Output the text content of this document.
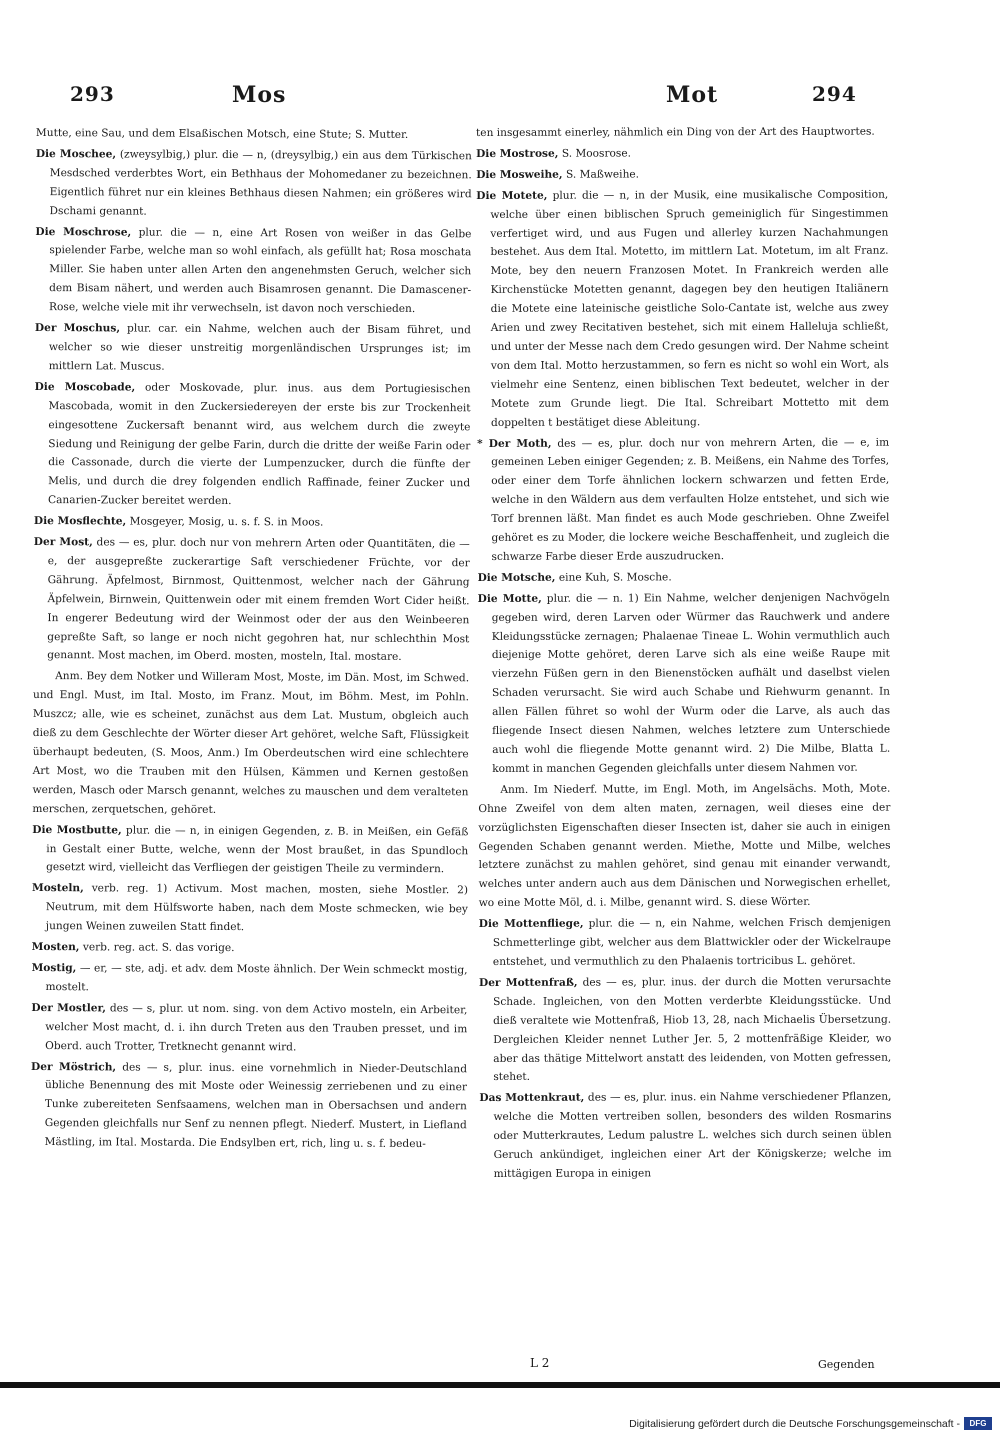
293	Mos	Mot	294

Mutte, eine Sau, und dem Elsaßischen Motsch, eine Stute; S. Mutter.

Die Moschee, (zweysylbig,) plur. die — n, (dreysylbig,) ein aus dem Türkischen Mesdsched verderbtes Wort, ein Bethhaus der Mohomedaner zu bezeichnen. Eigentlich führet nur ein kleines Bethhaus diesen Nahmen; ein größeres wird Dschami genannt.

Die Moschrose, plur. die — n, eine Art Rosen von weißer in das Gelbe spielender Farbe, welche man so wohl einfach, als gefüllt hat; Rosa moschata Miller. Sie haben unter allen Arten den angenehmsten Geruch, welcher sich dem Bisam nähert, und werden auch Bisamrosen genannt. Die Damascener-Rose, welche viele mit ihr verwechseln, ist davon noch verschieden.

Der Moschus, plur. car. ein Nahme, welchen auch der Bisam führet, und welcher so wie dieser unstreitig morgenländischen Ursprunges ist; im mittlern Lat. Muscus.

Die Moscobade, oder Moskovade, plur. inus. aus dem Portugiesischen Mascobada, womit in den Zuckersiedereyen der erste bis zur Trockenheit eingesottene Zuckersaft benannt wird, aus welchem durch die zweyte Siedung und Reinigung der gelbe Farin, durch die dritte der weiße Farin oder die Cassonade, durch die vierte der Lumpenzucker, durch die fünfte der Melis, und durch die drey folgenden endlich Raffinade, feiner Zucker und Canarien-Zucker bereitet werden.

Die Mosflechte, Mosgeyer, Mosig, u. s. f. S. in Moos.

Der Most, des — es, plur. doch nur von mehrern Arten oder Quantitäten, die — e, der ausgepreßte zuckerartige Saft verschiedener Früchte, vor der Gährung. Äpfelmost, Birnmost, Quittenmost, welcher nach der Gährung Äpfelwein, Birnwein, Quittenwein oder mit einem fremden Wort Cider heißt. In engerer Bedeutung wird der Weinmost oder der aus den Weinbeeren gepreßte Saft, so lange er noch nicht gegohren hat, nur schlechthin Most genannt. Most machen, im Oberd. mosten, mosteln, Ital. mostare.

Anm. Bey dem Notker und Willeram Most, Moste, im Dän. Most, im Schwed. und Engl. Must, im Ital. Mosto, im Franz. Mout, im Böhm. Mest, im Pohln. Muszcz; alle, wie es scheinet, zunächst aus dem Lat. Mustum, obgleich auch dieß zu dem Geschlechte der Wörter dieser Art gehöret, welche Saft, Flüssigkeit überhaupt bedeuten, (S. Moos, Anm.) Im Oberdeutschen wird eine schlechtere Art Most, wo die Trauben mit den Hülsen, Kämmen und Kernen gestoßen werden, Masch oder Marsch genannt, welches zu mauschen und dem veralteten merschen, zerquetschen, gehöret.

Die Mostbutte, plur. die — n, in einigen Gegenden, z. B. in Meißen, ein Gefäß in Gestalt einer Butte, welche, wenn der Most braußet, in das Spundloch gesetzt wird, vielleicht das Verfliegen der geistigen Theile zu vermindern.

Mosteln, verb. reg. 1) Activum. Most machen, mosten, siehe Mostler. 2) Neutrum, mit dem Hülfsworte haben, nach dem Moste schmecken, wie bey jungen Weinen zuweilen Statt findet.

Mosten, verb. reg. act. S. das vorige.

Mostig, — er, — ste, adj. et adv. dem Moste ähnlich. Der Wein schmeckt mostig, mostelt.

Der Mostler, des — s, plur. ut nom. sing. von dem Activo mosteln, ein Arbeiter, welcher Most macht, d. i. ihn durch Treten aus den Trauben presset, und im Oberd. auch Trotter, Tretknecht genannt wird.

Der Möstrich, des — s, plur. inus. eine vornehmlich in Nieder-Deutschland übliche Benennung des mit Moste oder Weinessig zerriebenen und zu einer Tunke zubereiteten Senfsaamens, welchen man in Obersachsen und andern Gegenden gleichfalls nur Senf zu nennen pflegt. Niederf. Mustert, in Liefland Mästling, im Ital. Mostarda. Die Endsylben ert, rich, ling u. s. f. bedeu-

ten insgesammt einerley, nähmlich ein Ding von der Art des Hauptwortes.

Die Mostrose, S. Moosrose.

Die Mosweihe, S. Maßweihe.

Die Motete, plur. die — n, in der Musik, eine musikalische Composition, welche über einen biblischen Spruch gemeiniglich für Singestimmen verfertiget wird, und aus Fugen und allerley kurzen Nachahmungen bestehet. Aus dem Ital. Motetto, im mittlern Lat. Motetum, im alt Franz. Mote, bey den neuern Franzosen Motet. In Frankreich werden alle Kirchenstücke Motetten genannt, dagegen bey den heutigen Italiänern die Motete eine lateinische geistliche Solo-Cantate ist, welche aus zwey Arien und zwey Recitativen bestehet, sich mit einem Halleluja schließt, und unter der Messe nach dem Credo gesungen wird. Der Nahme scheint von dem Ital. Motto herzustammen, so fern es nicht so wohl ein Wort, als vielmehr eine Sentenz, einen biblischen Text bedeutet, welcher in der Motete zum Grunde liegt. Die Ital. Schreibart Mottetto mit dem doppelten t bestätiget diese Ableitung.

* Der Moth, des — es, plur. doch nur von mehrern Arten, die — e, im gemeinen Leben einiger Gegenden; z. B. Meißens, ein Nahme des Torfes, oder einer dem Torfe ähnlichen lockern schwarzen und fetten Erde, welche in den Wäldern aus dem verfaulten Holze entstehet, und sich wie Torf brennen läßt. Man findet es auch Mode geschrieben. Ohne Zweifel gehöret es zu Moder, die lockere weiche Beschaffenheit, und zugleich die schwarze Farbe dieser Erde auszudrucken.

Die Motsche, eine Kuh, S. Mosche.

Die Motte, plur. die — n. 1) Ein Nahme, welcher denjenigen Nachvögeln gegeben wird, deren Larven oder Würmer das Rauchwerk und andere Kleidungsstücke zernagen; Phalaenae Tineae L. Wohin vermuthlich auch diejenige Motte gehöret, deren Larve sich als eine weiße Raupe mit vierzehn Füßen gern in den Bienenstöcken aufhält und daselbst vielen Schaden verursacht. Sie wird auch Schabe und Riehwurm genannt. In allen Fällen führet so wohl der Wurm oder die Larve, als auch das fliegende Insect diesen Nahmen, welches letztere zum Unterschiede auch wohl die fliegende Motte genannt wird. 2) Die Milbe, Blatta L. kommt in manchen Gegenden gleichfalls unter diesem Nahmen vor.

Anm. Im Niederf. Mutte, im Engl. Moth, im Angelsächs. Moth, Mote. Ohne Zweifel von dem alten maten, zernagen, weil dieses eine der vorzüglichsten Eigenschaften dieser Insecten ist, daher sie auch in einigen Gegenden Schaben genannt werden. Miethe, Motte und Milbe, welches letztere zunächst zu mahlen gehöret, sind genau mit einander verwandt, welches unter andern auch aus dem Dänischen und Norwegischen erhellet, wo eine Motte Möl, d. i. Milbe, genannt wird. S. diese Wörter.

Die Mottenfliege, plur. die — n, ein Nahme, welchen Frisch demjenigen Schmetterlinge gibt, welcher aus dem Blattwickler oder der Wickelraupe entstehet, und vermuthlich zu den Phalaenis tortricibus L. gehöret.

Der Mottenfraß, des — es, plur. inus. der durch die Motten verursachte Schade. Ingleichen, von den Motten verderbte Kleidungsstücke. Und dieß veraltete wie Mottenfraß, Hiob 13, 28, nach Michaelis Übersetzung. Dergleichen Kleider nennet Luther Jer. 5, 2 mottenfräßige Kleider, wo aber das thätige Mittelwort anstatt des leidenden, von Motten gefressen, stehet.

Das Mottenkraut, des — es, plur. inus. ein Nahme verschiedener Pflanzen, welche die Motten vertreiben sollen, besonders des wilden Rosmarins oder Mutterkrautes, Ledum palustre L. welches sich durch seinen üblen Geruch ankündiget, ingleichen einer Art der Königskerze; welche im mittägigen Europa in einigen

L 2	Gegenden
Digitalisierung gefördert durch die Deutsche Forschungsgemeinschaft -	DFG
